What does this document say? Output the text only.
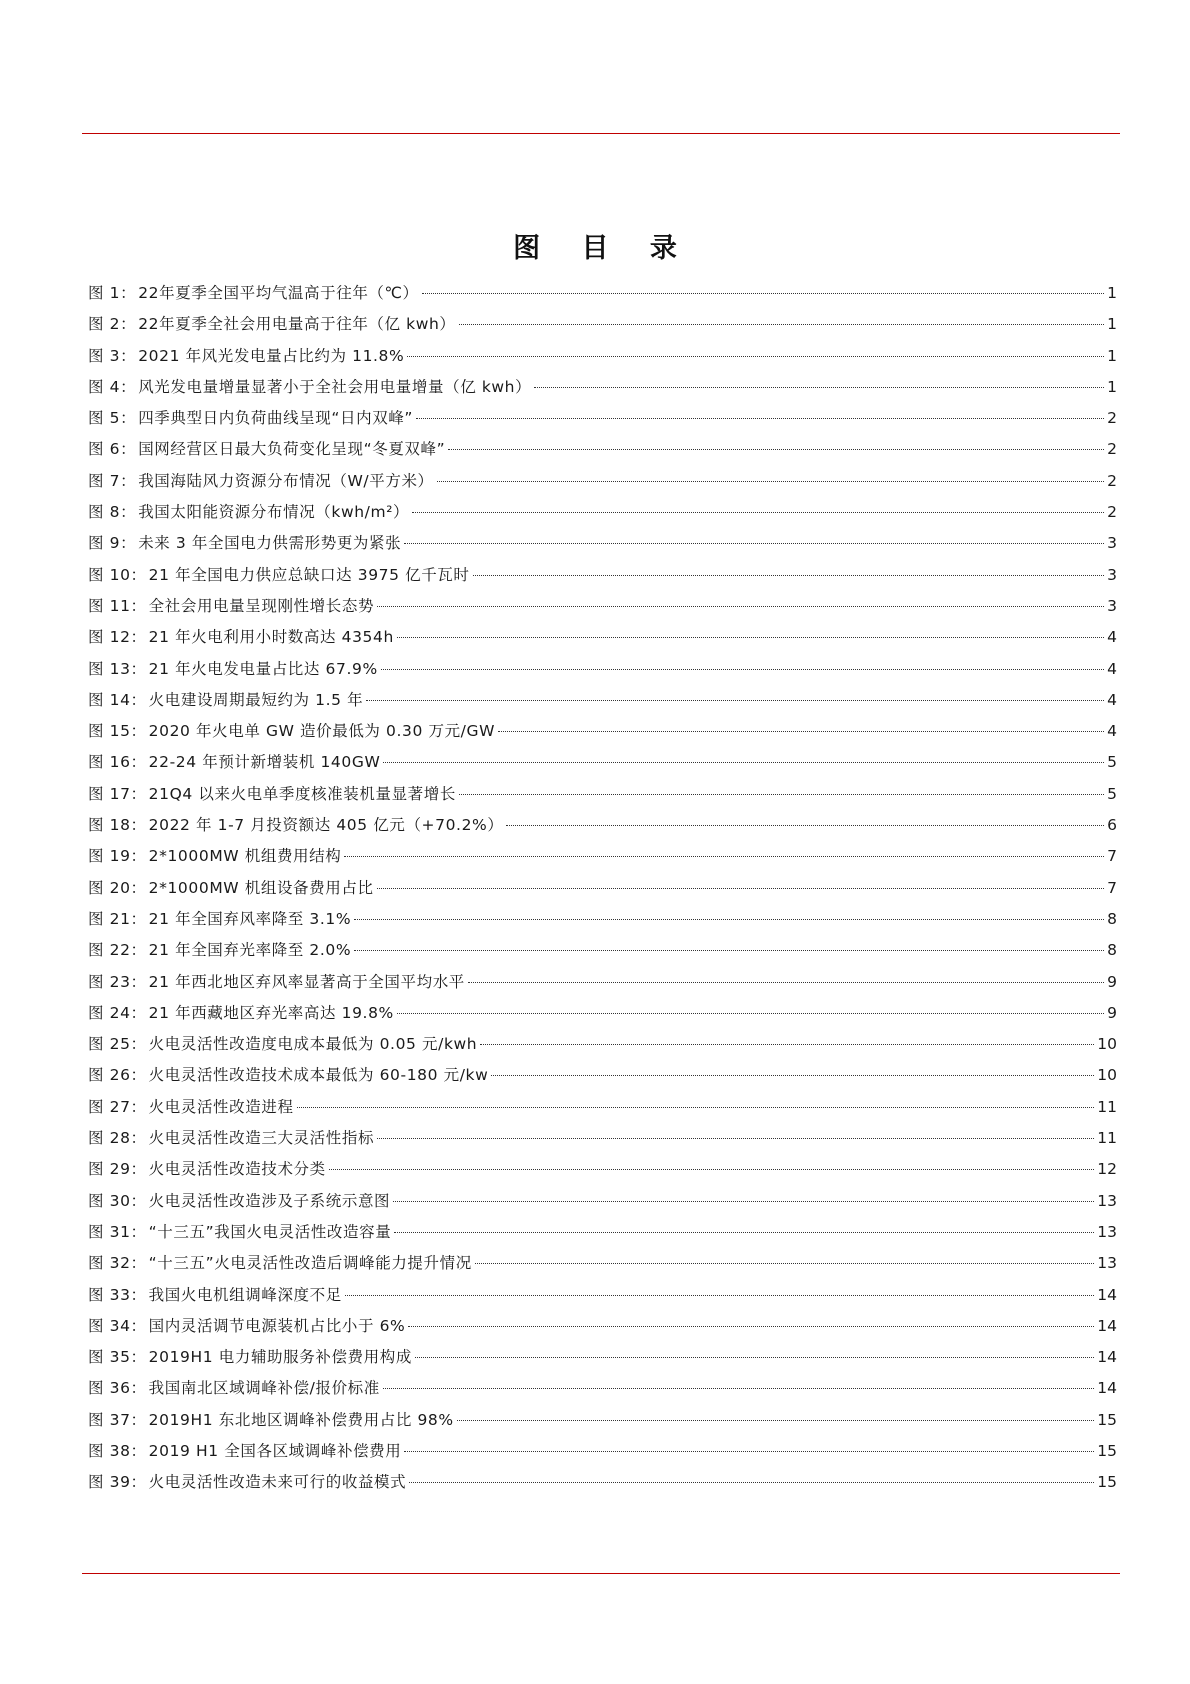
图 目 录
图 1： 22年夏季全国平均气温高于往年（℃）	1
图 2： 22年夏季全社会用电量高于往年（亿 kwh）	1
图 3： 2021 年风光发电量占比约为 11.8%	1
图 4： 风光发电量增量显著小于全社会用电量增量（亿 kwh）	1
图 5： 四季典型日内负荷曲线呈现“日内双峰”	2
图 6： 国网经营区日最大负荷变化呈现“冬夏双峰”	2
图 7： 我国海陆风力资源分布情况（W/平方米）	2
图 8： 我国太阳能资源分布情况（kwh/m²）	2
图 9： 未来 3 年全国电力供需形势更为紧张	3
图 10： 21 年全国电力供应总缺口达 3975 亿千瓦时	3
图 11： 全社会用电量呈现刚性增长态势	3
图 12： 21 年火电利用小时数高达 4354h	4
图 13： 21 年火电发电量占比达 67.9%	4
图 14： 火电建设周期最短约为 1.5 年	4
图 15： 2020 年火电单 GW 造价最低为 0.30 万元/GW	4
图 16： 22-24 年预计新增装机 140GW	5
图 17： 21Q4 以来火电单季度核准装机量显著增长	5
图 18： 2022 年 1-7 月投资额达 405 亿元（+70.2%）	6
图 19： 2*1000MW 机组费用结构	7
图 20： 2*1000MW 机组设备费用占比	7
图 21： 21 年全国弃风率降至 3.1%	8
图 22： 21 年全国弃光率降至 2.0%	8
图 23： 21 年西北地区弃风率显著高于全国平均水平	9
图 24： 21 年西藏地区弃光率高达 19.8%	9
图 25： 火电灵活性改造度电成本最低为 0.05 元/kwh	10
图 26： 火电灵活性改造技术成本最低为 60-180 元/kw	10
图 27： 火电灵活性改造进程	11
图 28： 火电灵活性改造三大灵活性指标	11
图 29： 火电灵活性改造技术分类	12
图 30： 火电灵活性改造涉及子系统示意图	13
图 31： “十三五”我国火电灵活性改造容量	13
图 32： “十三五”火电灵活性改造后调峰能力提升情况	13
图 33： 我国火电机组调峰深度不足	14
图 34： 国内灵活调节电源装机占比小于 6%	14
图 35： 2019H1 电力辅助服务补偿费用构成	14
图 36： 我国南北区域调峰补偿/报价标准	14
图 37： 2019H1 东北地区调峰补偿费用占比 98%	15
图 38： 2019 H1 全国各区域调峰补偿费用	15
图 39： 火电灵活性改造未来可行的收益模式	15
